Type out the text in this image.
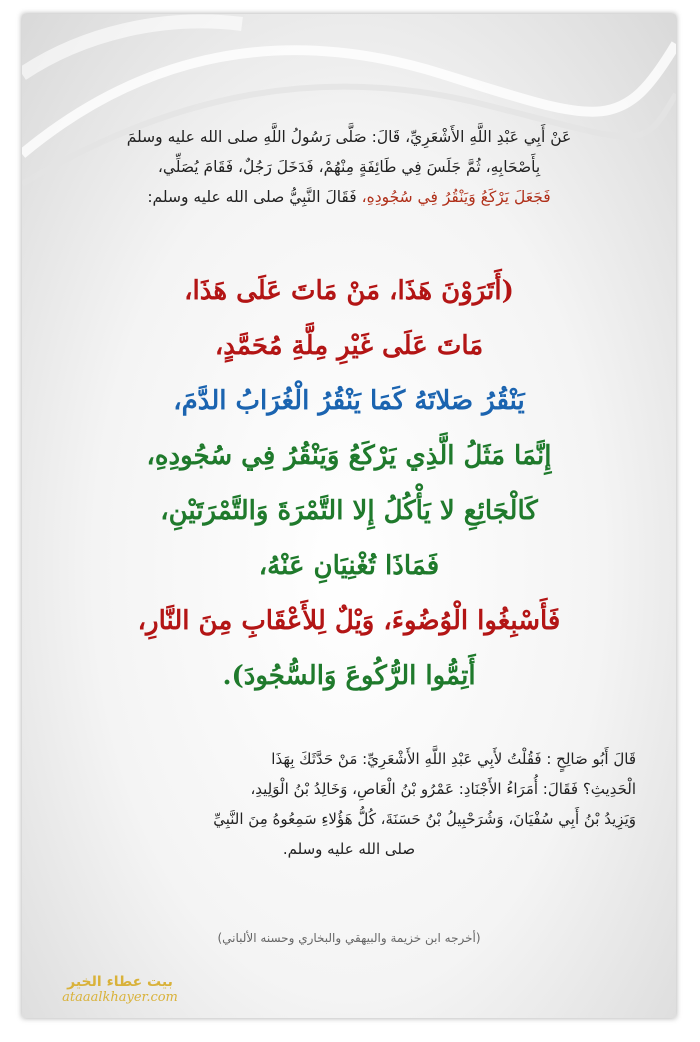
عَنْ أَبِي عَبْدِ اللَّهِ الأَشْعَرِيِّ، قَالَ: صَلَّى رَسُولُ اللَّهِ صلى الله عليه وسلمَ
بِأَصْحَابِهِ، ثُمَّ جَلَسَ فِي طَائِفَةٍ مِنْهُمْ، فَدَخَلَ رَجُلٌ، فَقَامَ يُصَلِّي،
فَجَعَلَ يَرْكَعُ وَيَنْقُرُ فِي سُجُودِهِ، فَقَالَ النَّبِيُّ صلى الله عليه وسلم:
(أَتَرَوْنَ هَذَا، مَنْ مَاتَ عَلَى هَذَا،
مَاتَ عَلَى غَيْرِ مِلَّةِ مُحَمَّدٍ،
يَنْقُرُ صَلاتَهُ كَمَا يَنْقُرُ الْغُرَابُ الدَّمَ،
إِنَّمَا مَثَلُ الَّذِي يَرْكَعُ وَيَنْقُرُ فِي سُجُودِهِ،
كَالْجَائِعِ لا يَأْكُلُ إِلا التَّمْرَةَ وَالتَّمْرَتَيْنِ،
فَمَاذَا تُغْنِيَانِ عَنْهُ،
فَأَسْبِغُوا الْوُضُوءَ، وَيْلٌ لِلأَعْقَابِ مِنَ النَّارِ،
أَتِمُّوا الرُّكُوعَ وَالسُّجُودَ).
قَالَ أَبُو صَالِحٍ : فَقُلْتُ لأَبِي عَبْدِ اللَّهِ الأَشْعَرِيِّ: مَنْ حَدَّثَكَ بِهَذَا
الْحَدِيثِ؟ فَقَالَ: أُمَرَاءُ الأَجْنَادِ: عَمْرُو بْنُ الْعَاصِ، وَخَالِدُ بْنُ الْوَلِيدِ،
وَيَزِيدُ بْنُ أَبِي سُفْيَانَ، وَشُرَحْبِيلُ بْنُ حَسَنَةَ، كُلُّ هَؤُلاءِ سَمِعُوهُ مِنَ النَّبِيِّ
صلى الله عليه وسلم.
(أخرجه ابن خزيمة والبيهقي والبخاري وحسنه الألباني)
بيت عطاء الخير
ataaalkhayer.com
